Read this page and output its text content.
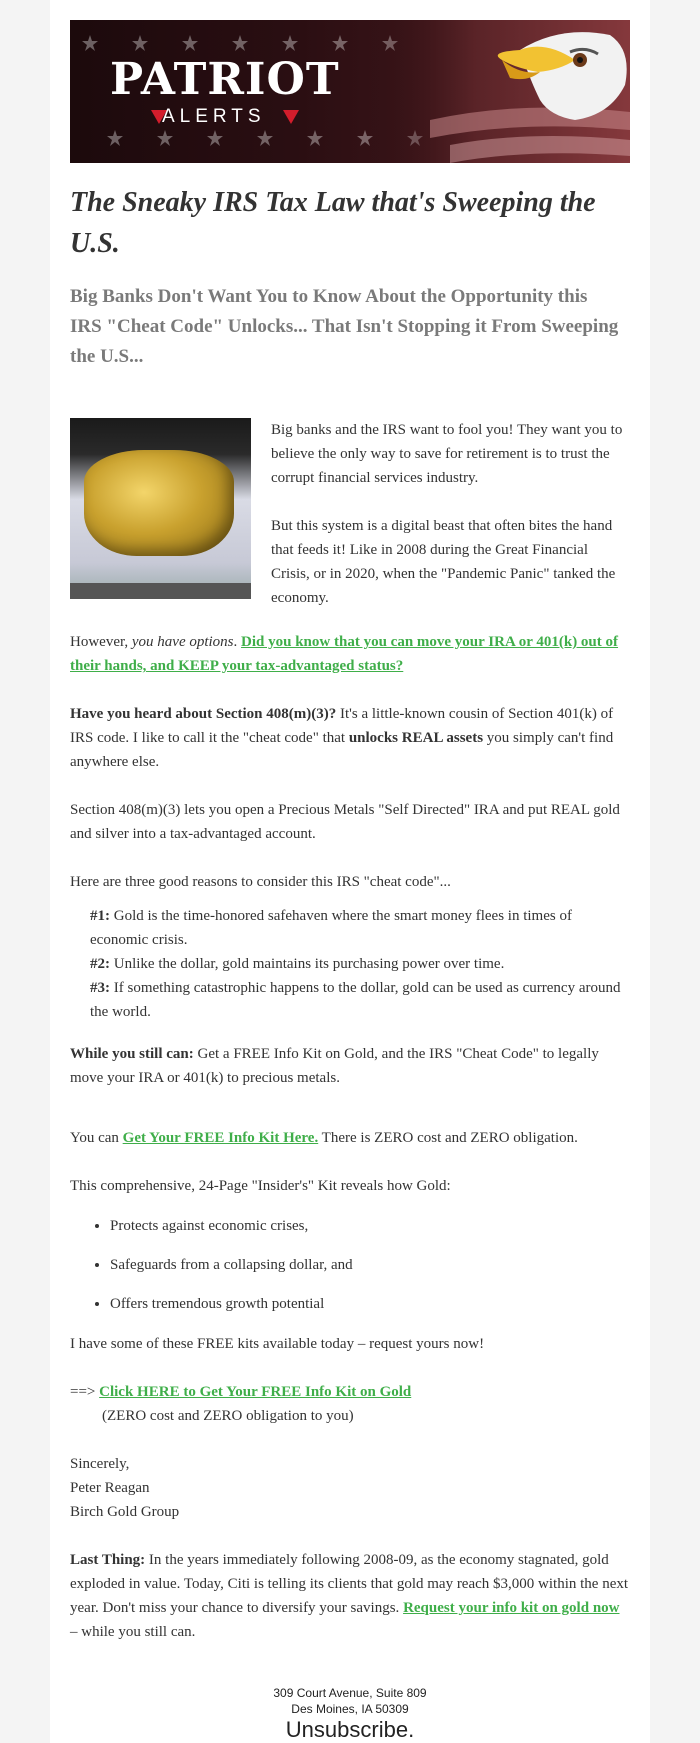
PATRIOT
ALERTS
The Sneaky IRS Tax Law that's Sweeping the U.S.
Big Banks Don't Want You to Know About the Opportunity this IRS "Cheat Code" Unlocks... That Isn't Stopping it From Sweeping the U.S...
Big banks and the IRS want to fool you! They want you to believe the only way to save for retirement is to trust the corrupt financial services industry.
But this system is a digital beast that often bites the hand that feeds it! Like in 2008 during the Great Financial Crisis, or in 2020, when the "Pandemic Panic" tanked the economy.
However, you have options. Did you know that you can move your IRA or 401(k) out of their hands, and KEEP your tax-advantaged status?
Have you heard about Section 408(m)(3)? It's a little-known cousin of Section 401(k) of IRS code. I like to call it the "cheat code" that unlocks REAL assets you simply can't find anywhere else.
Section 408(m)(3) lets you open a Precious Metals "Self Directed" IRA and put REAL gold and silver into a tax-advantaged account.
Here are three good reasons to consider this IRS "cheat code"...
#1: Gold is the time-honored safehaven where the smart money flees in times of economic crisis.
#2: Unlike the dollar, gold maintains its purchasing power over time.
#3: If something catastrophic happens to the dollar, gold can be used as currency around the world.
While you still can: Get a FREE Info Kit on Gold, and the IRS "Cheat Code" to legally move your IRA or 401(k) to precious metals.
You can Get Your FREE Info Kit Here. There is ZERO cost and ZERO obligation.
This comprehensive, 24-Page "Insider's" Kit reveals how Gold:
• Protects against economic crises,
• Safeguards from a collapsing dollar, and
• Offers tremendous growth potential
I have some of these FREE kits available today – request yours now!
==> Click HERE to Get Your FREE Info Kit on Gold
(ZERO cost and ZERO obligation to you)
Sincerely,
Peter Reagan
Birch Gold Group
Last Thing: In the years immediately following 2008-09, as the economy stagnated, gold exploded in value. Today, Citi is telling its clients that gold may reach $3,000 within the next year. Don't miss your chance to diversify your savings. Request your info kit on gold now – while you still can.
309 Court Avenue, Suite 809
Des Moines, IA 50309
Unsubscribe.
